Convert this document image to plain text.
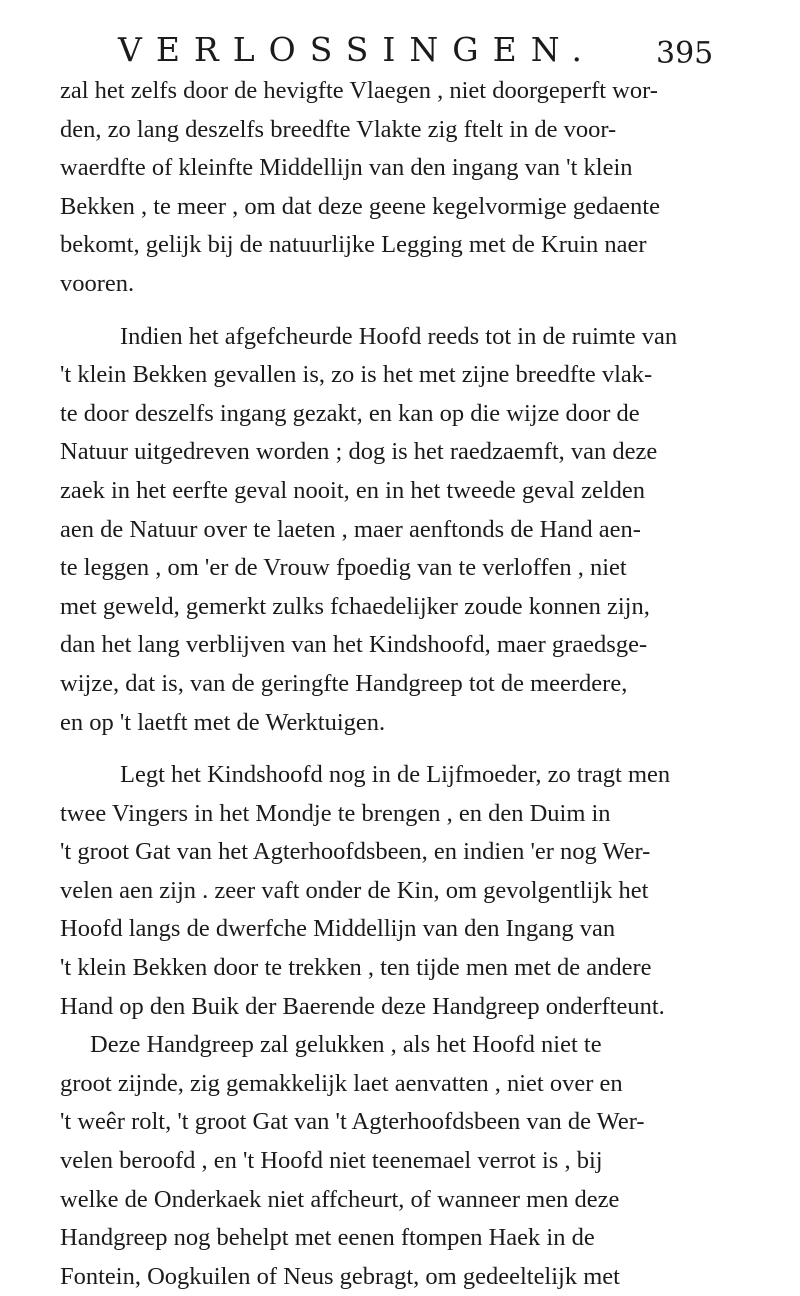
VERLOSSINGEN. 395
zal het zelfs door de hevigfte Vlaegen , niet doorgeperft wor-
den, zo lang deszelfs breedfte Vlakte zig ftelt in de voor-
waerdfte of kleinfte Middellijn van den ingang van 't klein
Bekken , te meer , om dat deze geene kegelvormige gedaente
bekomt, gelijk bij de natuurlijke Legging met de Kruin naer
vooren.
Indien het afgefcheurde Hoofd reeds tot in de ruimte van
't klein Bekken gevallen is, zo is het met zijne breedfte vlak-
te door deszelfs ingang gezakt, en kan op die wijze door de
Natuur uitgedreven worden ; dog is het raedzaemft, van deze
zaek in het eerfte geval nooit, en in het tweede geval zelden
aen de Natuur over te laeten , maer aenftonds de Hand aen-
te leggen , om 'er de Vrouw fpoedig van te verloffen , niet
met geweld, gemerkt zulks fchaedelijker zoude konnen zijn,
dan het lang verblijven van het Kindshoofd, maer graedsge-
wijze, dat is, van de geringfte Handgreep tot de meerdere,
en op 't laetft met de Werktuigen.
Legt het Kindshoofd nog in de Lijfmoeder, zo tragt men
twee Vingers in het Mondje te brengen , en den Duim in
't groot Gat van het Agterhoofdsbeen, en indien 'er nog Wer-
velen aen zijn . zeer vaft onder de Kin, om gevolgentlijk het
Hoofd langs de dwerfche Middellijn van den Ingang van
't klein Bekken door te trekken , ten tijde men met de andere
Hand op den Buik der Baerende deze Handgreep onderfteunt.
Deze Handgreep zal gelukken , als het Hoofd niet te
groot zijnde, zig gemakkelijk laet aenvatten , niet over en
't weêr rolt, 't groot Gat van 't Agterhoofdsbeen van de Wer-
velen beroofd , en 't Hoofd niet teenemael verrot is , bij
welke de Onderkaek niet affcheurt, of wanneer men deze
Handgreep nog behelpt met eenen ftompen Haek in de
Fontein, Oogkuilen of Neus gebragt, om gedeeltelijk met
